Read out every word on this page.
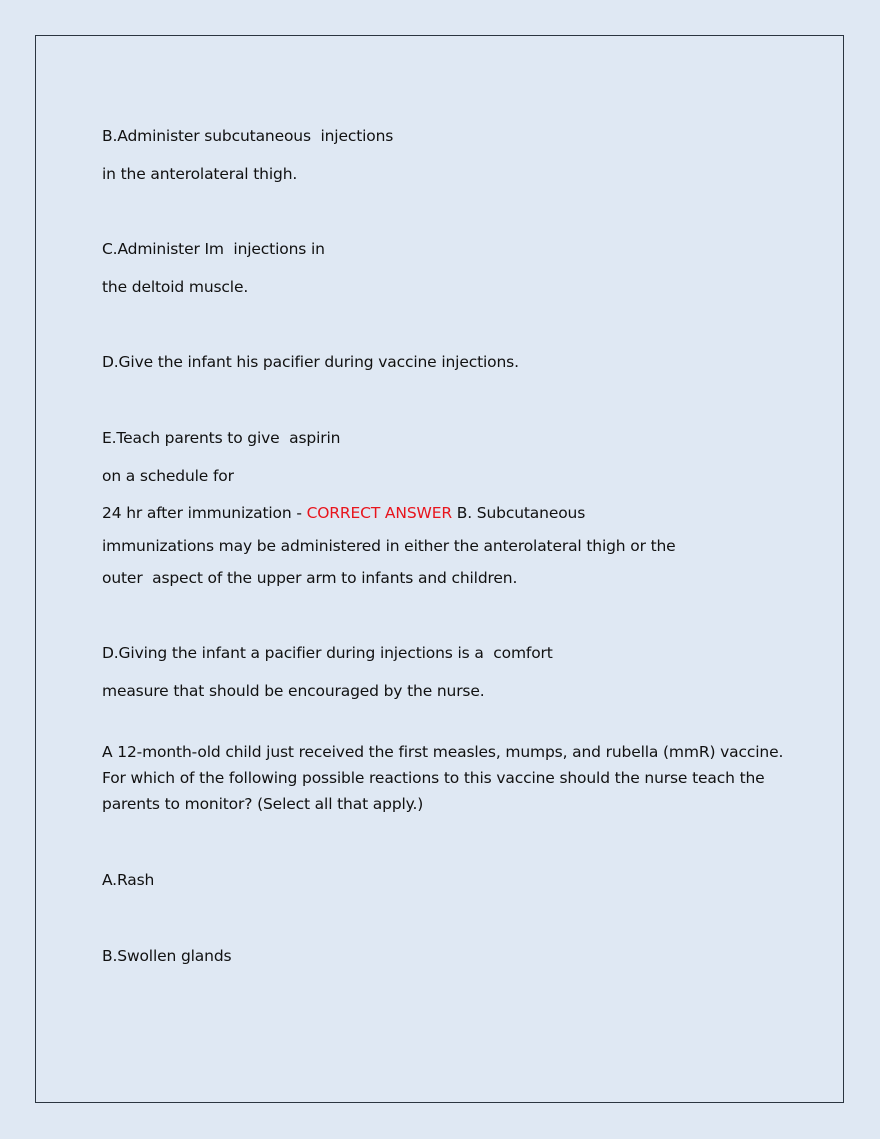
B.Administer subcutaneous  injections
in the anterolateral thigh.
C.Administer Im  injections in
the deltoid muscle.
D.Give the infant his pacifier during vaccine injections.
E.Teach parents to give  aspirin
on a schedule for
24 hr after immunization - CORRECT ANSWER B. Subcutaneous
immunizations may be administered in either the anterolateral thigh or the
outer  aspect of the upper arm to infants and children.
D.Giving the infant a pacifier during injections is a  comfort
measure that should be encouraged by the nurse.
A 12-month-old child just received the first measles, mumps, and rubella (mmR) vaccine.
For which of the following possible reactions to this vaccine should the nurse teach the
parents to monitor? (Select all that apply.)
A.Rash
B.Swollen glands
